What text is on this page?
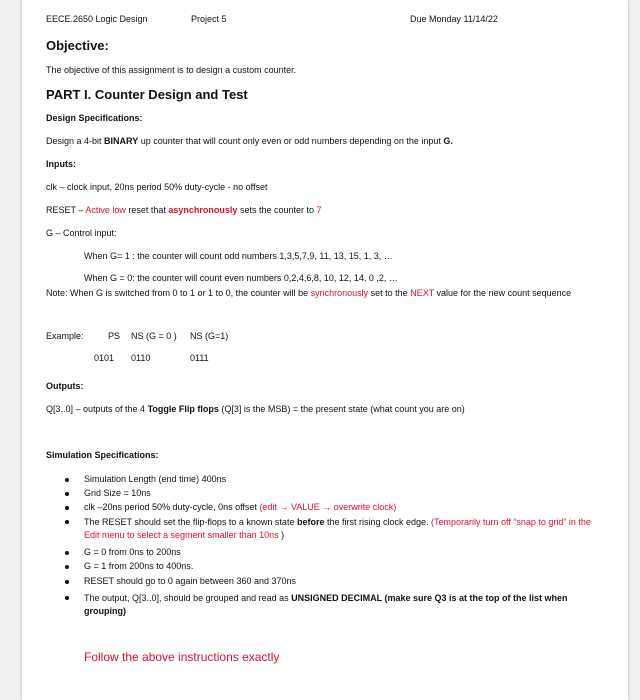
EECE.2650 Logic Design	Project 5	Due Monday 11/14/22
Objective:
The objective of this assignment is to design a custom counter.
PART I. Counter Design and Test
Design Specifications:
Design a 4-bit BINARY up counter that will count only even or odd numbers depending on the input G.
Inputs:
clk – clock input, 20ns period 50% duty-cycle - no offset
RESET – Active low reset that asynchronously sets the counter to 7
G – Control input:
When G= 1 : the counter will count odd numbers 1,3,5,7,9, 11, 13, 15, 1, 3, …
When G = 0: the counter will count even numbers 0,2,4,6,8, 10, 12, 14, 0 ,2, …
Note: When G is switched from 0 to 1 or 1 to 0, the counter will be synchronously set to the NEXT value for the new count sequence
Example:	PS NS (G = 0 ) NS (G=1)
0101 0110	0111
Outputs:
Q[3..0] – outputs of the 4 Toggle Flip flops (Q[3] is the MSB) = the present state (what count you are on)
Simulation Specifications:
Simulation Length (end time) 400ns
Grid Size = 10ns
clk –20ns period 50% duty-cycle, 0ns offset (edit → VALUE → overwrite clock)
The RESET should set the flip-flops to a known state before the first rising clock edge. (Temporarily turn off “snap to grid” in the Edit menu to select a segment smaller than 10ns )
G = 0 from 0ns to 200ns
G = 1 from 200ns to 400ns.
RESET should go to 0 again between 360 and 370ns
The output, Q[3..0], should be grouped and read as UNSIGNED DECIMAL (make sure Q3 is at the top of the list when grouping)
Follow the above instructions exactly
